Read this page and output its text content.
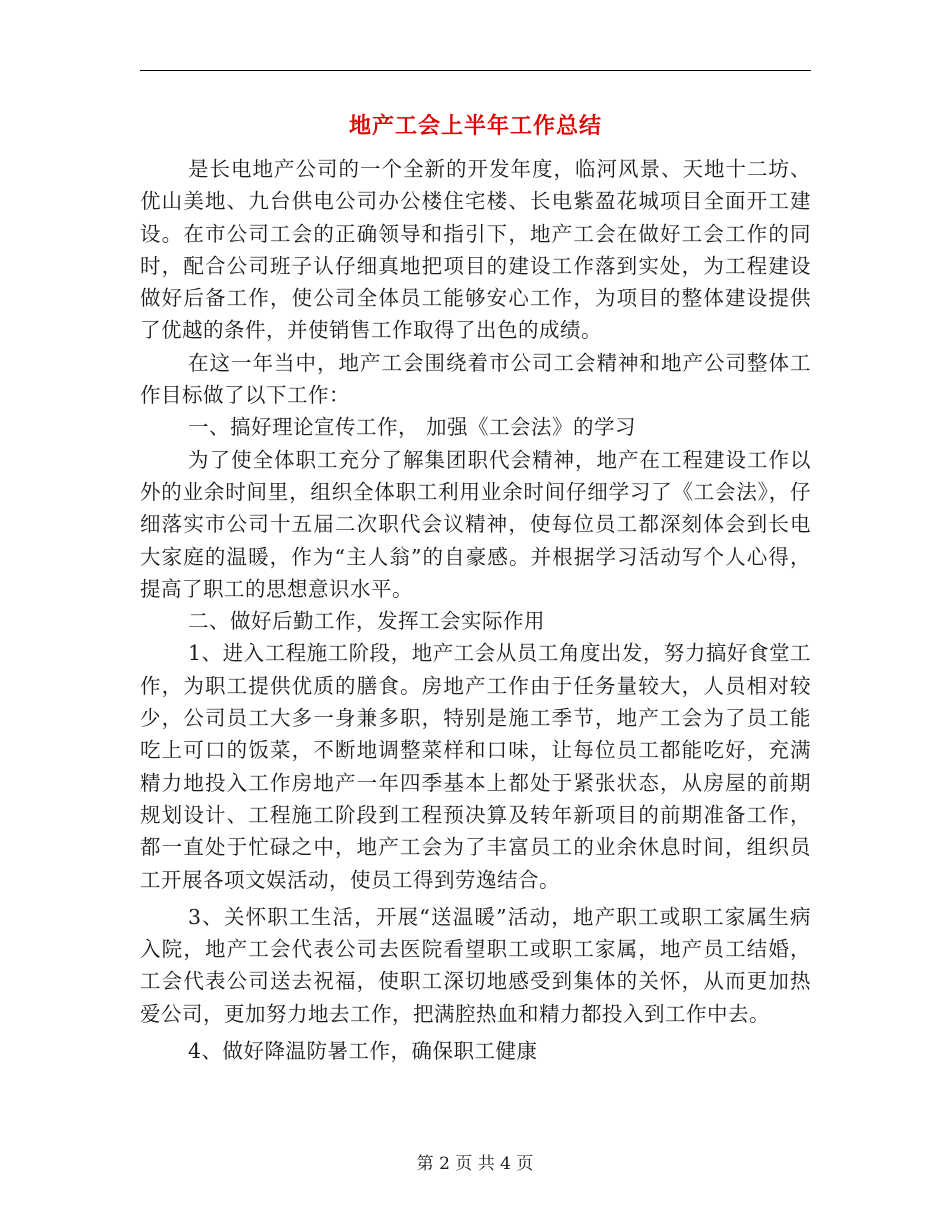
地产工会上半年工作总结

是长电地产公司的一个全新的开发年度，临河风景、天地十二坊、优山美地、九台供电公司办公楼住宅楼、长电紫盈花城项目全面开工建设。在市公司工会的正确领导和指引下，地产工会在做好工会工作的同时，配合公司班子认仔细真地把项目的建设工作落到实处，为工程建设做好后备工作，使公司全体员工能够安心工作，为项目的整体建设提供了优越的条件，并使销售工作取得了出色的成绩。

在这一年当中，地产工会围绕着市公司工会精神和地产公司整体工作目标做了以下工作：

一、搞好理论宣传工作， 加强《工会法》的学习

为了使全体职工充分了解集团职代会精神，地产在工程建设工作以外的业余时间里，组织全体职工利用业余时间仔细学习了《工会法》，仔细落实市公司十五届二次职代会议精神，使每位员工都深刻体会到长电大家庭的温暖，作为“主人翁”的自豪感。并根据学习活动写个人心得，提高了职工的思想意识水平。

二、做好后勤工作，发挥工会实际作用

1、进入工程施工阶段，地产工会从员工角度出发，努力搞好食堂工作，为职工提供优质的膳食。房地产工作由于任务量较大，人员相对较少，公司员工大多一身兼多职，特别是施工季节，地产工会为了员工能吃上可口的饭菜，不断地调整菜样和口味，让每位员工都能吃好，充满精力地投入工作房地产一年四季基本上都处于紧张状态，从房屋的前期规划设计、工程施工阶段到工程预决算及转年新项目的前期准备工作，都一直处于忙碌之中，地产工会为了丰富员工的业余休息时间，组织员工开展各项文娱活动，使员工得到劳逸结合。

3、关怀职工生活，开展“送温暖”活动，地产职工或职工家属生病入院，地产工会代表公司去医院看望职工或职工家属，地产员工结婚，工会代表公司送去祝福，使职工深切地感受到集体的关怀，从而更加热爱公司，更加努力地去工作，把满腔热血和精力都投入到工作中去。

4、做好降温防暑工作，确保职工健康

第 2 页 共 4 页
